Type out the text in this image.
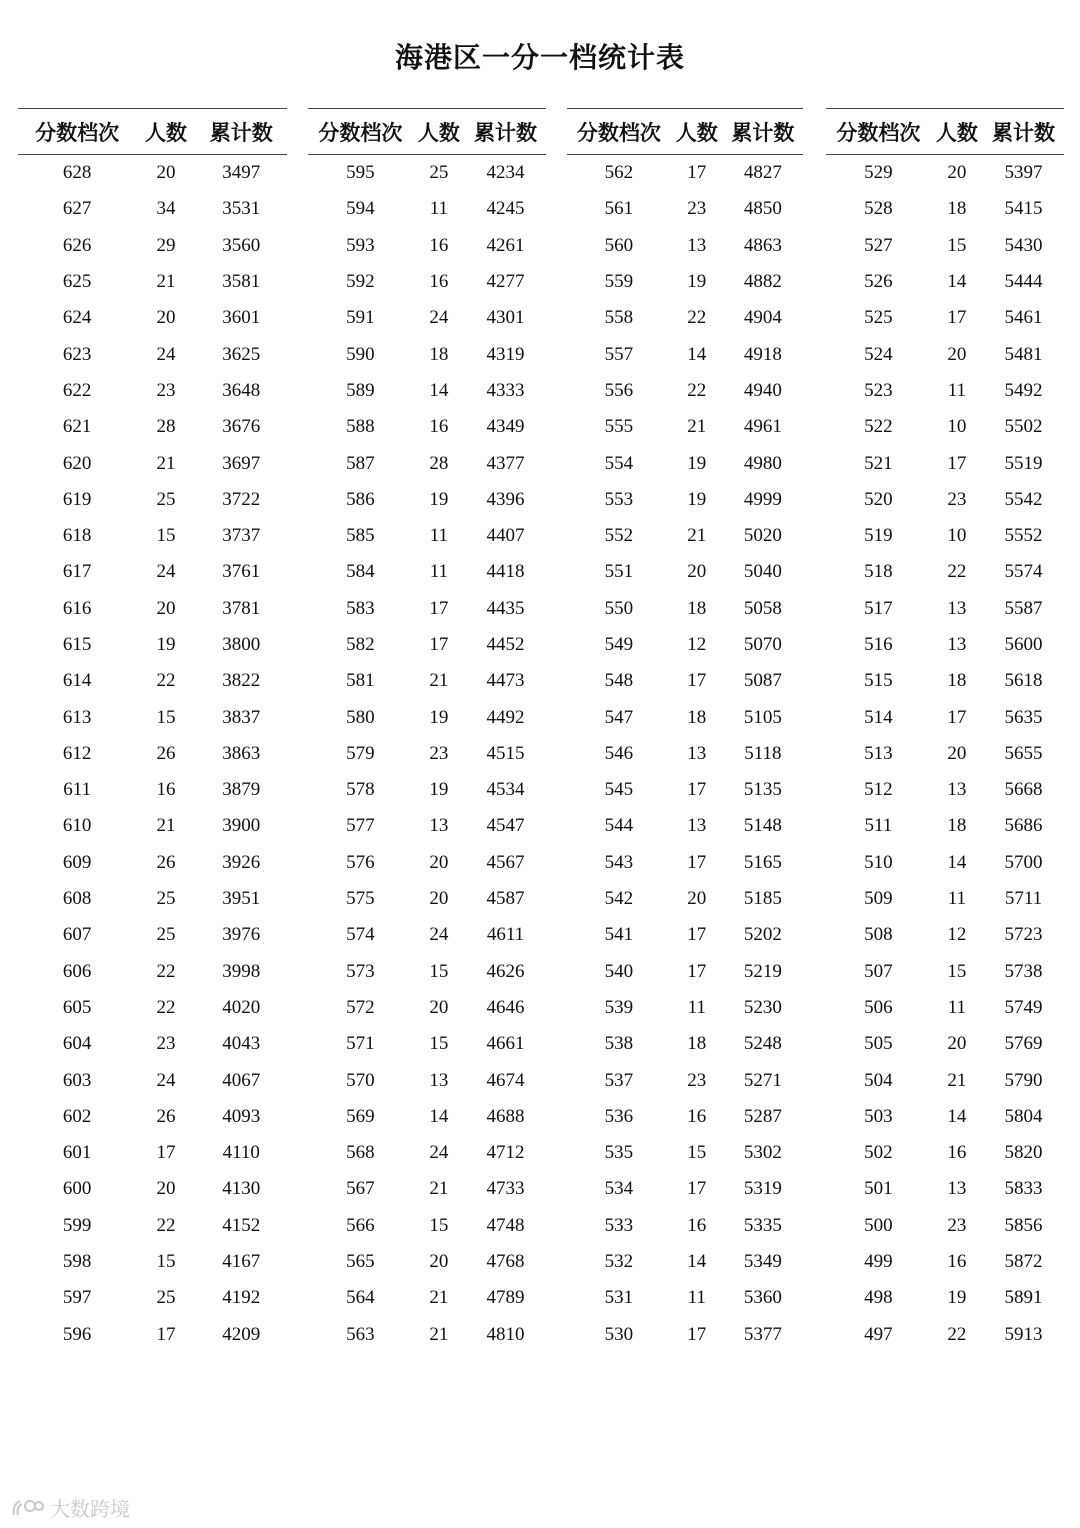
海港区一分一档统计表
分数档次	人数	累计数
628	20	3497
627	34	3531
626	29	3560
625	21	3581
624	20	3601
623	24	3625
622	23	3648
621	28	3676
620	21	3697
619	25	3722
618	15	3737
617	24	3761
616	20	3781
615	19	3800
614	22	3822
613	15	3837
612	26	3863
611	16	3879
610	21	3900
609	26	3926
608	25	3951
607	25	3976
606	22	3998
605	22	4020
604	23	4043
603	24	4067
602	26	4093
601	17	4110
600	20	4130
599	22	4152
598	15	4167
597	25	4192
596	17	4209
分数档次	人数	累计数
595	25	4234
594	11	4245
593	16	4261
592	16	4277
591	24	4301
590	18	4319
589	14	4333
588	16	4349
587	28	4377
586	19	4396
585	11	4407
584	11	4418
583	17	4435
582	17	4452
581	21	4473
580	19	4492
579	23	4515
578	19	4534
577	13	4547
576	20	4567
575	20	4587
574	24	4611
573	15	4626
572	20	4646
571	15	4661
570	13	4674
569	14	4688
568	24	4712
567	21	4733
566	15	4748
565	20	4768
564	21	4789
563	21	4810
分数档次	人数	累计数
562	17	4827
561	23	4850
560	13	4863
559	19	4882
558	22	4904
557	14	4918
556	22	4940
555	21	4961
554	19	4980
553	19	4999
552	21	5020
551	20	5040
550	18	5058
549	12	5070
548	17	5087
547	18	5105
546	13	5118
545	17	5135
544	13	5148
543	17	5165
542	20	5185
541	17	5202
540	17	5219
539	11	5230
538	18	5248
537	23	5271
536	16	5287
535	15	5302
534	17	5319
533	16	5335
532	14	5349
531	11	5360
530	17	5377
分数档次	人数	累计数
529	20	5397
528	18	5415
527	15	5430
526	14	5444
525	17	5461
524	20	5481
523	11	5492
522	10	5502
521	17	5519
520	23	5542
519	10	5552
518	22	5574
517	13	5587
516	13	5600
515	18	5618
514	17	5635
513	20	5655
512	13	5668
511	18	5686
510	14	5700
509	11	5711
508	12	5723
507	15	5738
506	11	5749
505	20	5769
504	21	5790
503	14	5804
502	16	5820
501	13	5833
500	23	5856
499	16	5872
498	19	5891
497	22	5913
大数跨境
